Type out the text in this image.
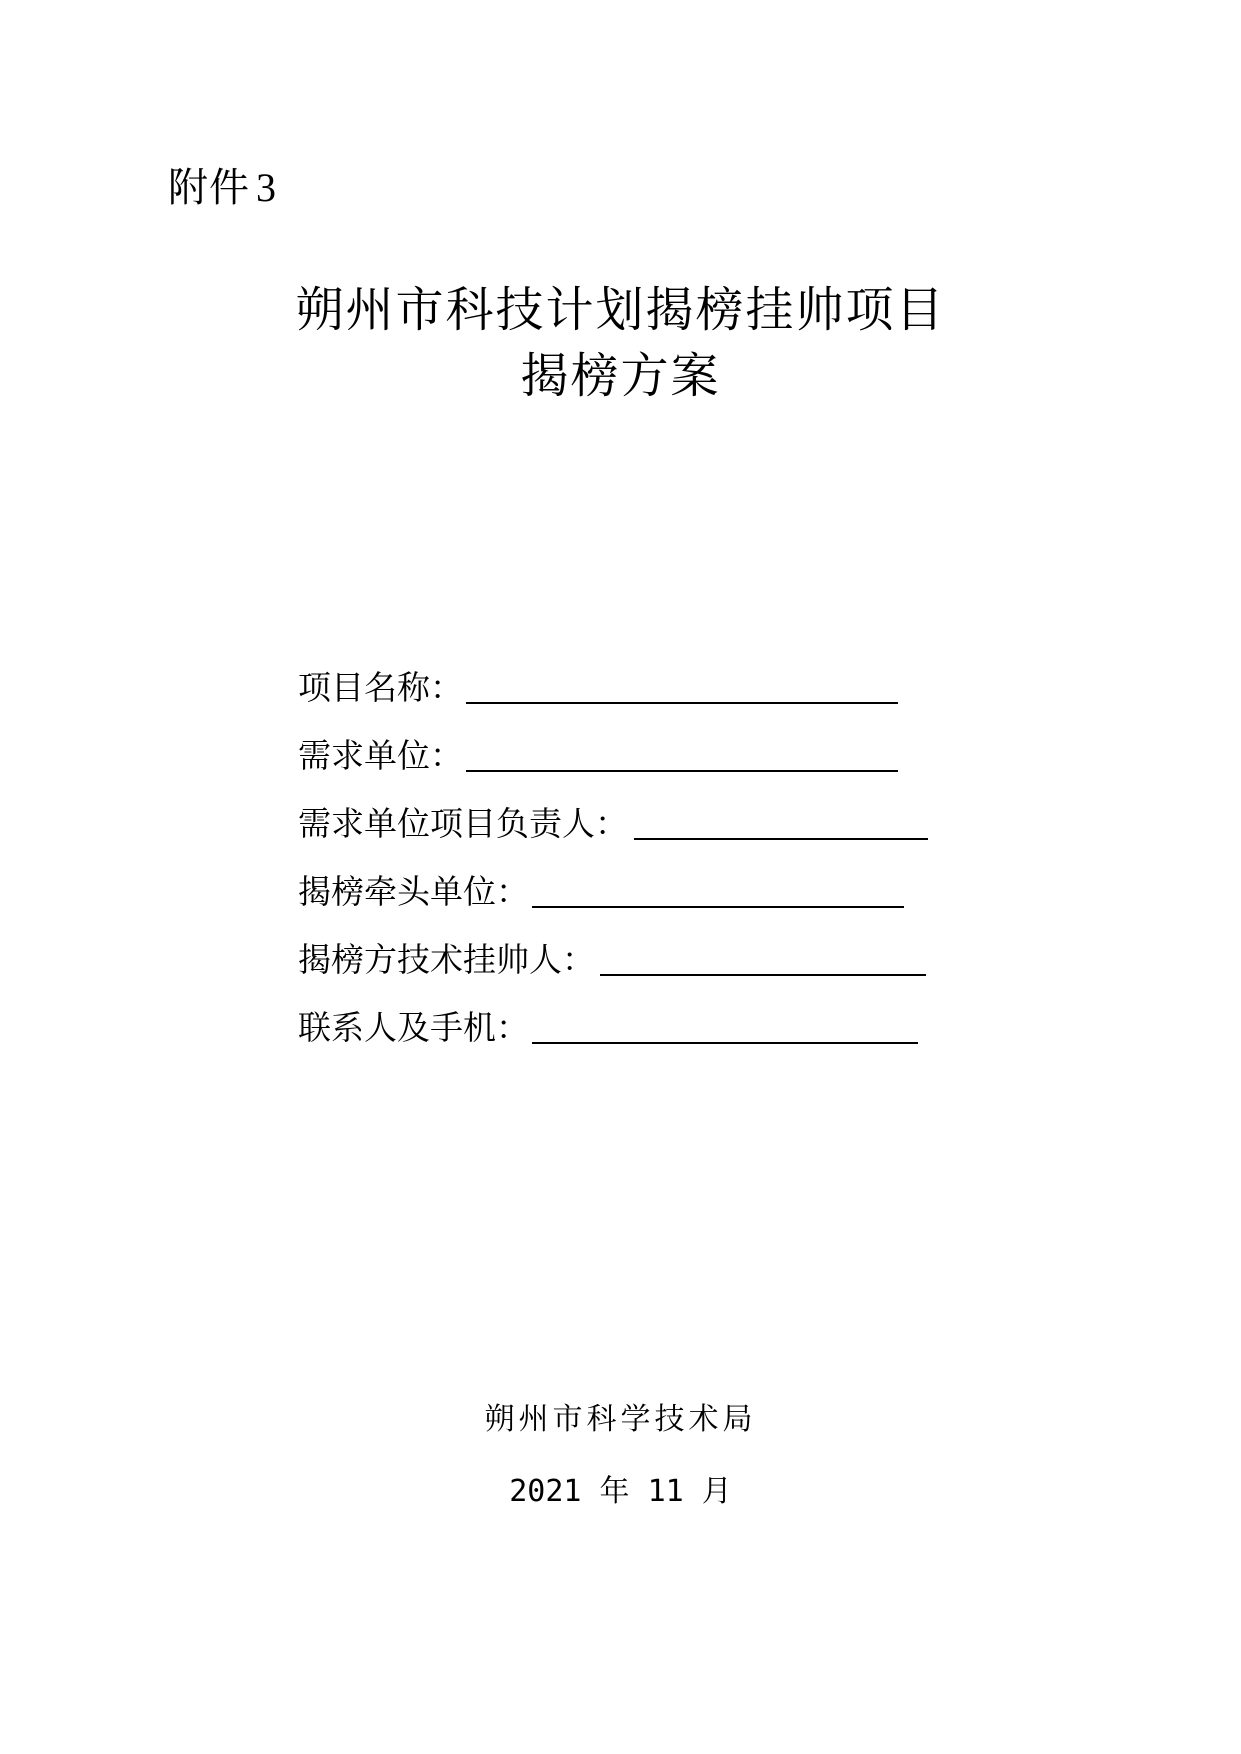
附件 3
朔州市科技计划揭榜挂帅项目
揭榜方案
项目名称：
需求单位：
需求单位项目负责人：
揭榜牵头单位：
揭榜方技术挂帅人：
联系人及手机：
朔州市科学技术局
2021 年 11 月
